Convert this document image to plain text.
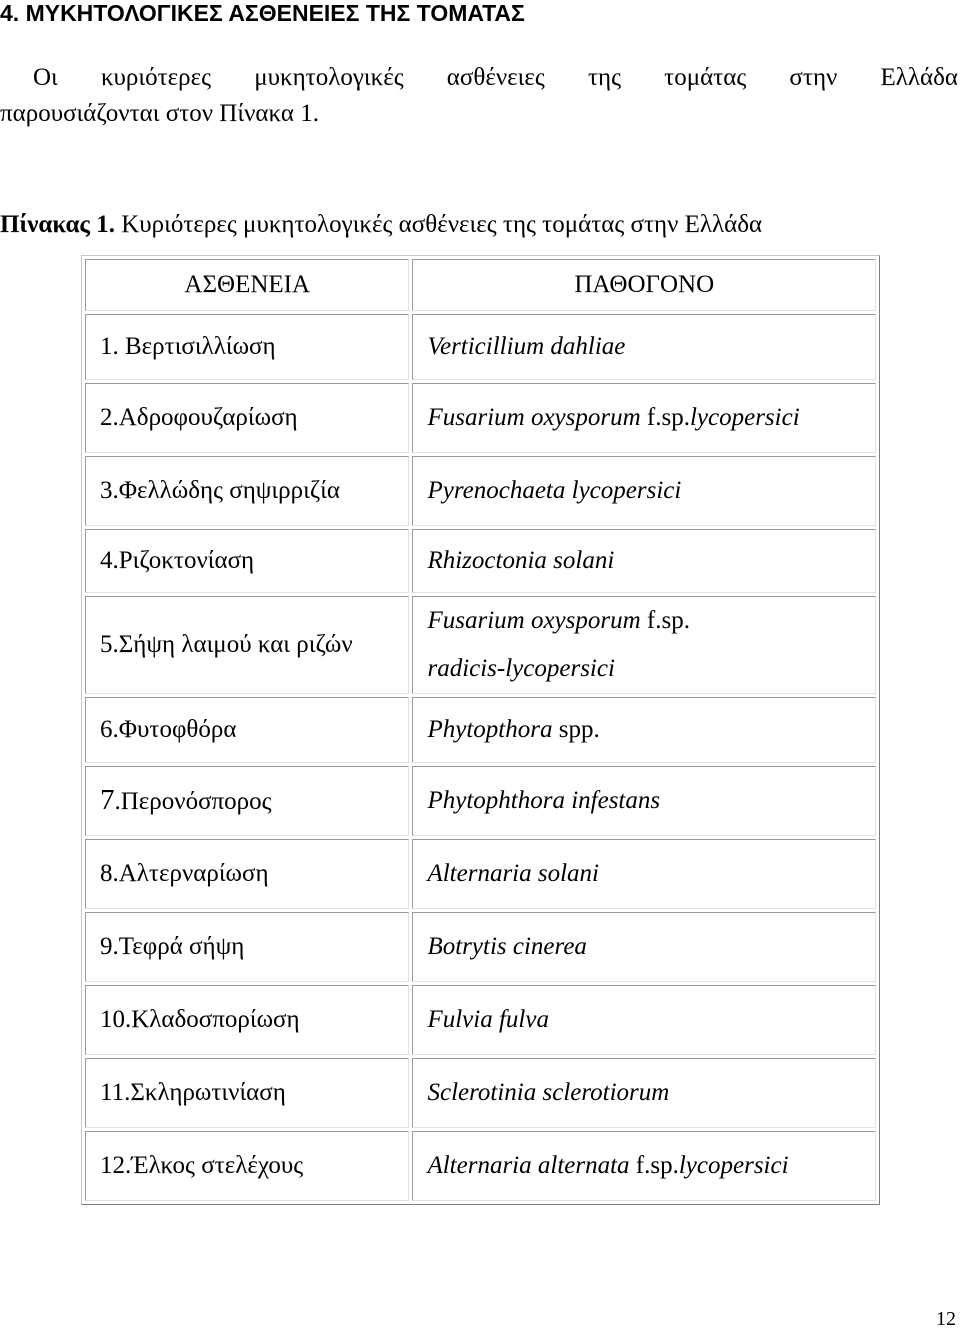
4. ΜΥΚΗΤΟΛΟΓΙΚΕΣ ΑΣΘΕΝΕΙΕΣ ΤΗΣ ΤΟΜΑΤΑΣ
Οι κυριότερες μυκητολογικές ασθένειες της τομάτας στην Ελλάδα
παρουσιάζονται στον Πίνακα 1.

Πίνακας 1. Κυριότερες μυκητολογικές ασθένειες της τομάτας στην Ελλάδα

ΑΣΘΕΝΕΙΑ	ΠΑΘΟΓΟΝΟ
1. Βερτισιλλίωση	Verticillium dahliae
2.Αδροφουζαρίωση	Fusarium oxysporum f.sp.lycopersici
3.Φελλώδης σηψιρριζία	Pyrenochaeta lycopersici
4.Ριζοκτονίαση	Rhizoctonia solani
5.Σήψη λαιμού και ριζών	Fusarium oxysporum f.sp.
radicis-lycopersici
6.Φυτοφθόρα	Phytopthora spp.
7.Περονόσπορος	Phytophthora infestans
8.Αλτερναρίωση	Alternaria solani
9.Τεφρά σήψη	Botrytis cinerea
10.Κλαδοσπορίωση	Fulvia fulva
11.Σκληρωτινίαση	Sclerotinia sclerotiorum
12.Έλκος στελέχους	Alternaria alternata f.sp.lycopersici
12
